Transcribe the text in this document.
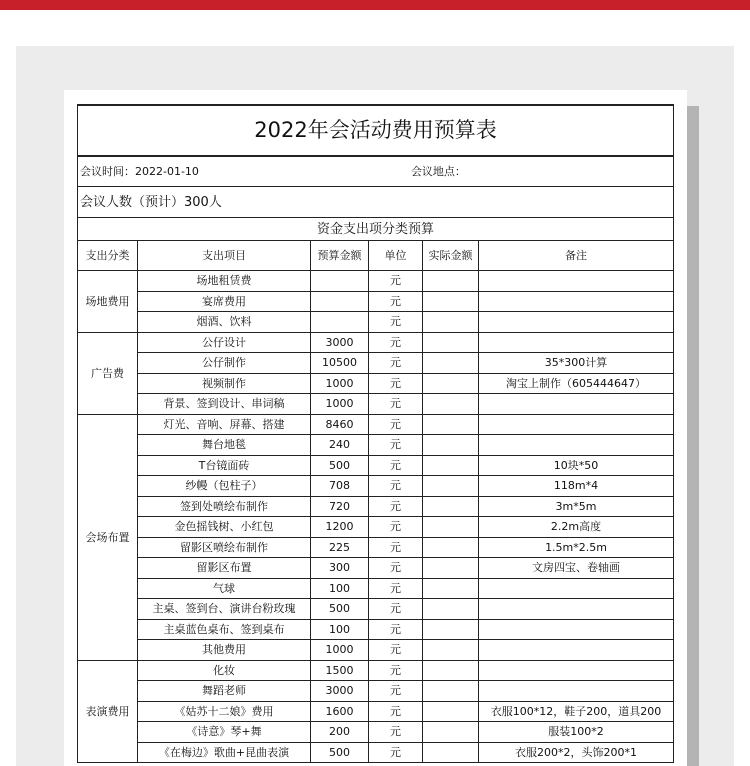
2022年会活动费用预算表					
会议时间：2022-01-10 会议地点：					
会议人数（预计）300人					
资金支出项分类预算					
支出分类	支出项目	预算金额	单位	实际金额	备注
场地费用	场地租赁费		元		
	宴席费用		元		
	烟酒、饮料		元		
广告费	公仔设计	3000	元		
	公仔制作	10500	元		35*300计算
	视频制作	1000	元		淘宝上制作（605444647）
	背景、签到设计、串词稿	1000	元		
会场布置	灯光、音响、屏幕、搭建	8460	元		
	舞台地毯	240	元		
	T台镜面砖	500	元		10块*50
	纱幔（包柱子）	708	元		118m*4
	签到处喷绘布制作	720	元		3m*5m
	金色摇钱树、小红包	1200	元		2.2m高度
	留影区喷绘布制作	225	元		1.5m*2.5m
	留影区布置	300	元		文房四宝、卷轴画
	气球	100	元		
	主桌、签到台、演讲台粉玫瑰	500	元		
	主桌蓝色桌布、签到桌布	100	元		
	其他费用	1000	元		
表演费用	化妆	1500	元		
	舞蹈老师	3000	元		
	《姑苏十二娘》费用	1600	元		衣服100*12，鞋子200，道具200
	《诗意》琴+舞	200	元		服装100*2
	《在梅边》歌曲+昆曲表演	500	元		衣服200*2，头饰200*1
